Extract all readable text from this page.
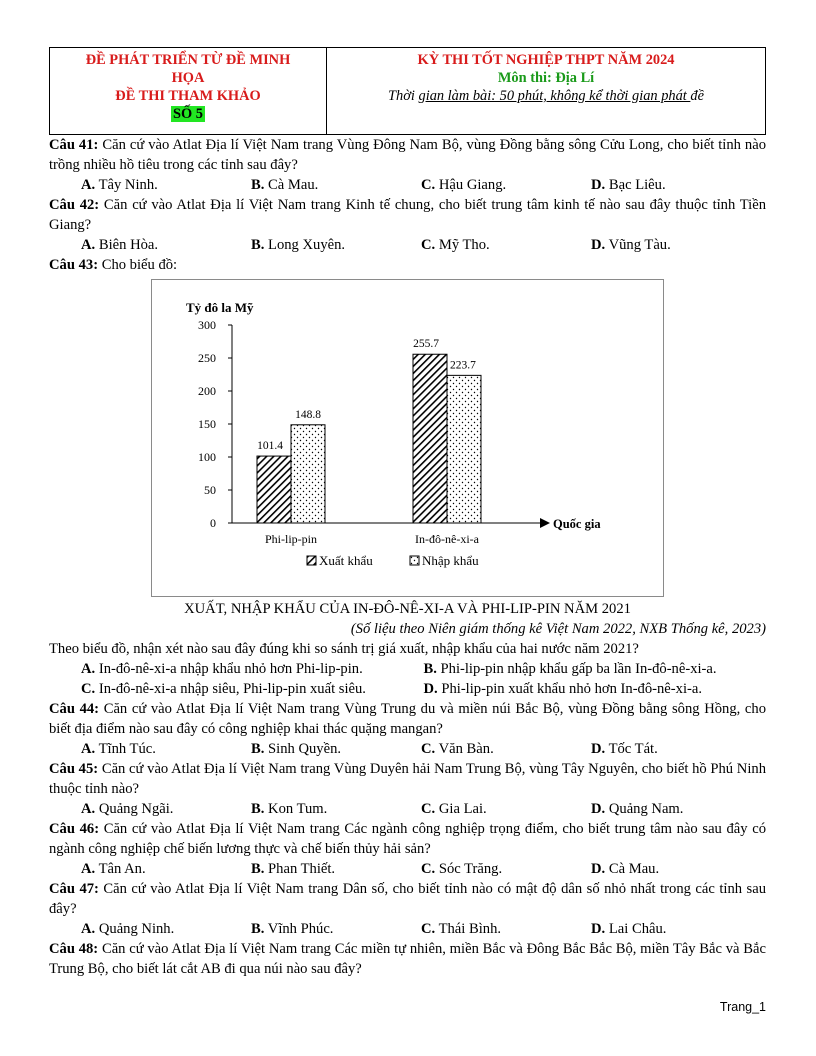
ĐỀ PHÁT TRIỂN TỪ ĐỀ MINH
HỌA
ĐỀ THI THAM KHẢO
SỐ 5
KỲ THI TỐT NGHIỆP THPT NĂM 2024
Môn thi: Địa Lí
Thời gian làm bài: 50 phút, không kể thời gian phát đề
Câu 41: Căn cứ vào Atlat Địa lí Việt Nam trang Vùng Đông Nam Bộ, vùng Đồng bằng sông Cửu Long, cho biết tỉnh nào trồng nhiều hồ tiêu trong các tỉnh sau đây?
A. Tây Ninh.	B. Cà Mau.	C. Hậu Giang.	D. Bạc Liêu.
Câu 42: Căn cứ vào Atlat Địa lí Việt Nam trang Kinh tế chung, cho biết trung tâm kinh tế nào sau đây thuộc tỉnh Tiền Giang?
A. Biên Hòa.	B. Long Xuyên.	C. Mỹ Tho.	D. Vũng Tàu.
Câu 43: Cho biểu đồ:
0
50
100
150
200
250
300
Tỷ đô la Mỹ
Quốc gia
101.4
148.8
Phi-lip-pin
255.7
223.7
In-đô-nê-xi-a
Xuất khẩu	Nhập khẩu
XUẤT, NHẬP KHẨU CỦA IN-ĐÔ-NÊ-XI-A VÀ PHI-LIP-PIN NĂM 2021
(Số liệu theo Niên giám thống kê Việt Nam 2022, NXB Thống kê, 2023)
Theo biểu đồ, nhận xét nào sau đây đúng khi so sánh trị giá xuất, nhập khẩu của hai nước năm 2021?
A. In-đô-nê-xi-a nhập khẩu nhỏ hơn Phi-lip-pin.	B. Phi-lip-pin nhập khẩu gấp ba lần In-đô-nê-xi-a.
C. In-đô-nê-xi-a nhập siêu, Phi-lip-pin xuất siêu.	D. Phi-lip-pin xuất khẩu nhỏ hơn In-đô-nê-xi-a.
Câu 44: Căn cứ vào Atlat Địa lí Việt Nam trang Vùng Trung du và miền núi Bắc Bộ, vùng Đồng bằng sông Hồng, cho biết địa điểm nào sau đây có công nghiệp khai thác quặng mangan?
A. Tĩnh Túc.	B. Sinh Quyền.	C. Văn Bàn.	D. Tốc Tát.
Câu 45: Căn cứ vào Atlat Địa lí Việt Nam trang Vùng Duyên hải Nam Trung Bộ, vùng Tây Nguyên, cho biết hồ Phú Ninh thuộc tỉnh nào?
A. Quảng Ngãi.	B. Kon Tum.	C. Gia Lai.	D. Quảng Nam.
Câu 46: Căn cứ vào Atlat Địa lí Việt Nam trang Các ngành công nghiệp trọng điểm, cho biết trung tâm nào sau đây có ngành công nghiệp chế biến lương thực và chế biến thủy hải sản?
A. Tân An.	B. Phan Thiết.	C. Sóc Trăng.	D. Cà Mau.
Câu 47: Căn cứ vào Atlat Địa lí Việt Nam trang Dân số, cho biết tỉnh nào có mật độ dân số nhỏ nhất trong các tỉnh sau đây?
A. Quảng Ninh.	B. Vĩnh Phúc.	C. Thái Bình.	D. Lai Châu.
Câu 48: Căn cứ vào Atlat Địa lí Việt Nam trang Các miền tự nhiên, miền Bắc và Đông Bắc Bắc Bộ, miền Tây Bắc và Bắc Trung Bộ, cho biết lát cắt AB đi qua núi nào sau đây?
Trang_1
